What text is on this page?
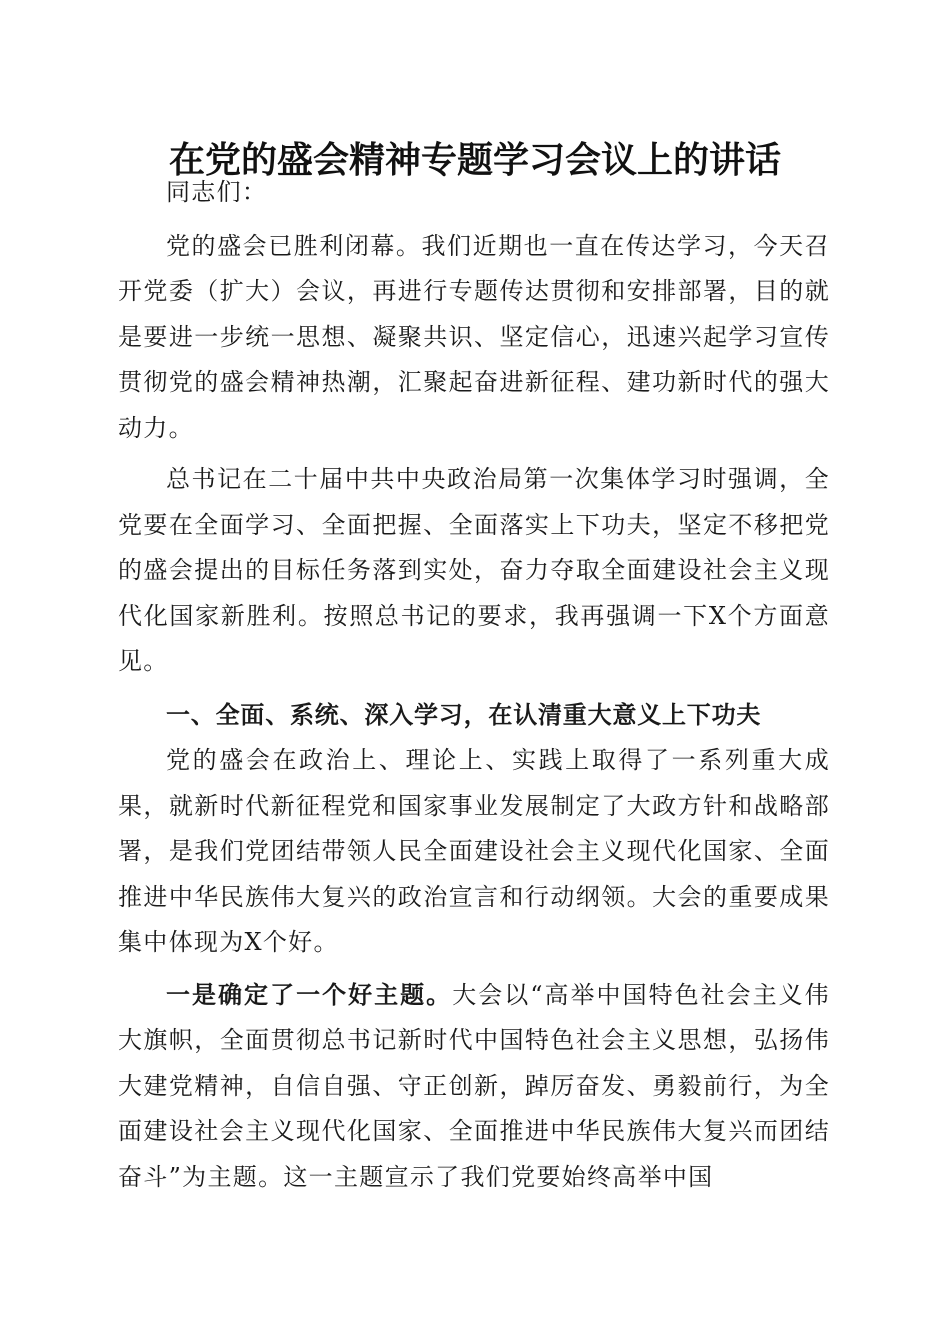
在党的盛会精神专题学习会议上的讲话

同志们：

党的盛会已胜利闭幕。我们近期也一直在传达学习，今天召开党委（扩大）会议，再进行专题传达贯彻和安排部署，目的就是要进一步统一思想、凝聚共识、坚定信心，迅速兴起学习宣传贯彻党的盛会精神热潮，汇聚起奋进新征程、建功新时代的强大动力。

总书记在二十届中共中央政治局第一次集体学习时强调，全党要在全面学习、全面把握、全面落实上下功夫，坚定不移把党的盛会提出的目标任务落到实处，奋力夺取全面建设社会主义现代化国家新胜利。按照总书记的要求，我再强调一下X个方面意见。

一、全面、系统、深入学习，在认清重大意义上下功夫

党的盛会在政治上、理论上、实践上取得了一系列重大成果，就新时代新征程党和国家事业发展制定了大政方针和战略部署，是我们党团结带领人民全面建设社会主义现代化国家、全面推进中华民族伟大复兴的政治宣言和行动纲领。大会的重要成果集中体现为X个好。

一是确定了一个好主题。大会以“高举中国特色社会主义伟大旗帜，全面贯彻总书记新时代中国特色社会主义思想，弘扬伟大建党精神，自信自强、守正创新，踔厉奋发、勇毅前行，为全面建设社会主义现代化国家、全面推进中华民族伟大复兴而团结奋斗”为主题。这一主题宣示了我们党要始终高举中国
